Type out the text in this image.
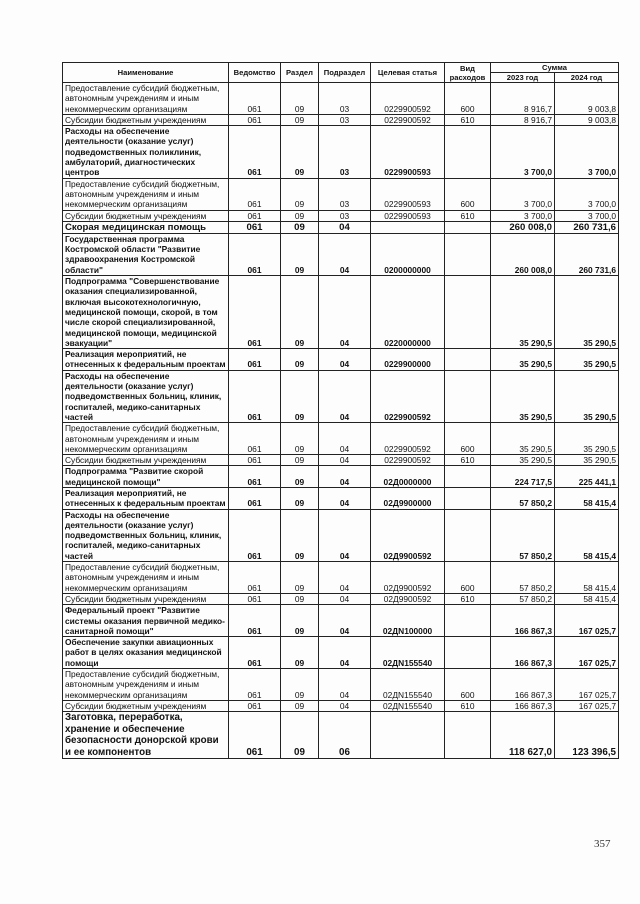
Наименование	Ведомство	Раздел	Подраздел	Целевая статья	Вид расходов	Сумма	
						2023 год	2024 год
Предоставление субсидий бюджетным, автономным учреждениям и иным некоммерческим организациям	061	09	03	0229900592	600	8 916,7	9 003,8
Субсидии бюджетным учреждениям	061	09	03	0229900592	610	8 916,7	9 003,8
Расходы на обеспечение деятельности (оказание услуг) подведомственных поликлиник, амбулаторий, диагностических центров	061	09	03	0229900593		3 700,0	3 700,0
Предоставление субсидий бюджетным, автономным учреждениям и иным некоммерческим организациям	061	09	03	0229900593	600	3 700,0	3 700,0
Субсидии бюджетным учреждениям	061	09	03	0229900593	610	3 700,0	3 700,0
Скорая медицинская помощь	061	09	04			260 008,0	260 731,6
Государственная программа Костромской области "Развитие здравоохранения Костромской области"	061	09	04	0200000000		260 008,0	260 731,6
Подпрограмма "Совершенствование оказания специализированной, включая высокотехнологичную, медицинской помощи, скорой, в том числе скорой специализированной, медицинской помощи, медицинской эвакуации"	061	09	04	0220000000		35 290,5	35 290,5
Реализация мероприятий, не отнесенных к федеральным проектам	061	09	04	0229900000		35 290,5	35 290,5
Расходы на обеспечение деятельности (оказание услуг) подведомственных больниц, клиник, госпиталей, медико-санитарных частей	061	09	04	0229900592		35 290,5	35 290,5
Предоставление субсидий бюджетным, автономным учреждениям и иным некоммерческим организациям	061	09	04	0229900592	600	35 290,5	35 290,5
Субсидии бюджетным учреждениям	061	09	04	0229900592	610	35 290,5	35 290,5
Подпрограмма "Развитие скорой медицинской помощи"	061	09	04	02Д0000000		224 717,5	225 441,1
Реализация мероприятий, не отнесенных к федеральным проектам	061	09	04	02Д9900000		57 850,2	58 415,4
Расходы на обеспечение деятельности (оказание услуг) подведомственных больниц, клиник, госпиталей, медико-санитарных частей	061	09	04	02Д9900592		57 850,2	58 415,4
Предоставление субсидий бюджетным, автономным учреждениям и иным некоммерческим организациям	061	09	04	02Д9900592	600	57 850,2	58 415,4
Субсидии бюджетным учреждениям	061	09	04	02Д9900592	610	57 850,2	58 415,4
Федеральный проект "Развитие системы оказания первичной медико-санитарной помощи"	061	09	04	02ДN100000		166 867,3	167 025,7
Обеспечение закупки авиационных работ в целях оказания медицинской помощи	061	09	04	02ДN155540		166 867,3	167 025,7
Предоставление субсидий бюджетным, автономным учреждениям и иным некоммерческим организациям	061	09	04	02ДN155540	600	166 867,3	167 025,7
Субсидии бюджетным учреждениям	061	09	04	02ДN155540	610	166 867,3	167 025,7
Заготовка, переработка, хранение и обеспечение безопасности донорской крови и ее компонентов	061	09	06			118 627,0	123 396,5
357
